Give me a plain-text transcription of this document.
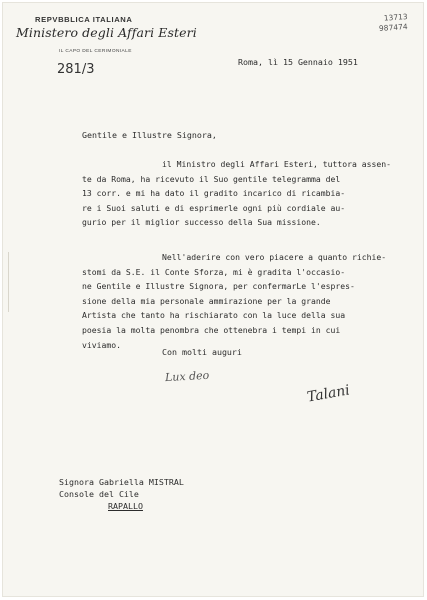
REPVBBLICA ITALIANA
Ministero degli Affari Esteri
IL CAPO DEL CERIMONIALE
281/3
13713
987474
Roma, lì 15 Gennaio 1951
Gentile e Illustre Signora,

il Ministro degli Affari Esteri, tuttora assen-

te da Roma, ha ricevuto il Suo gentile telegramma del

13 corr. e mi ha dato il gradito incarico di ricambia-

re i Suoi saluti e di esprimerle ogni più cordiale au-

gurio per il miglior successo della Sua missione.

Nell'aderire con vero piacere a quanto richie-

stomi da S.E. il Conte Sforza, mi è gradita l'occasio-

ne Gentile e Illustre Signora, per confermarLe l'espres-

sione della mia personale ammirazione per la grande

Artista che tanto ha rischiarato con la luce della sua

poesia la molta penombra che ottenebra i tempi in cui

viviamo.

Con molti auguri
Lux deo
Talani
Signora Gabriella MISTRAL
Console del Cile
RAPALLO
